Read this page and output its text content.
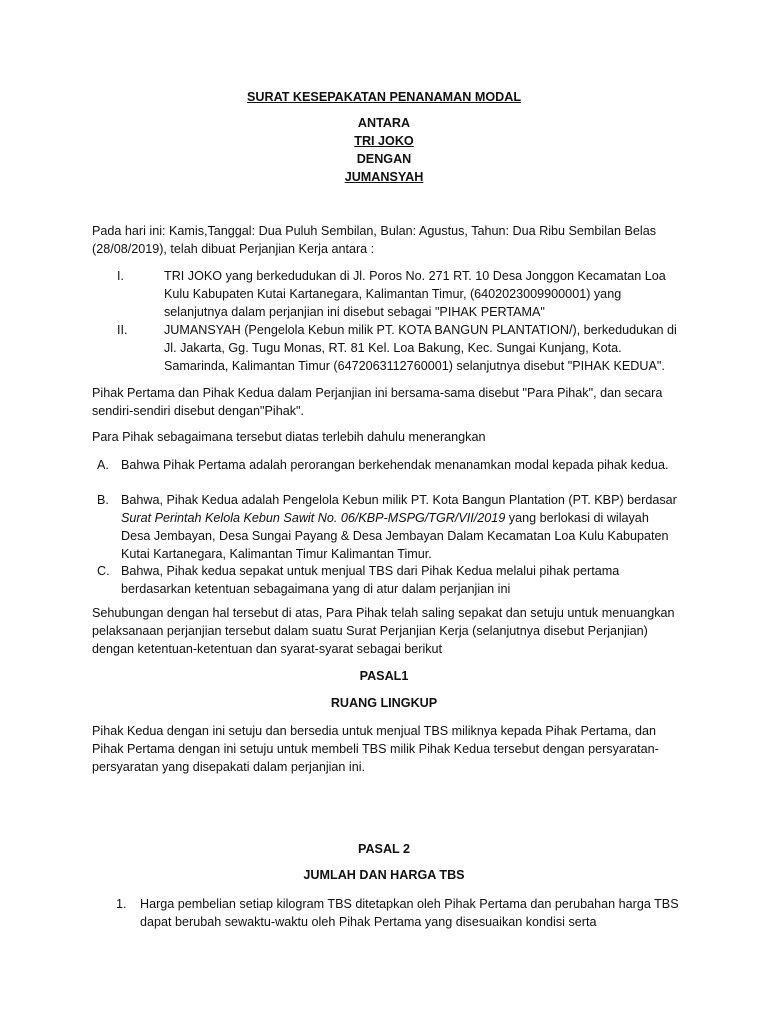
SURAT KESEPAKATAN PENANAMAN MODAL

ANTARA

TRI JOKO

DENGAN

JUMANSYAH

Pada hari ini: Kamis,Tanggal: Dua Puluh Sembilan, Bulan: Agustus, Tahun: Dua Ribu Sembilan Belas (28/08/2019), telah dibuat Perjanjian Kerja antara :

I.	TRI JOKO yang berkedudukan di Jl. Poros No. 271 RT. 10 Desa Jonggon Kecamatan Loa Kulu Kabupaten Kutai Kartanegara, Kalimantan Timur, (6402023009900001) yang selanjutnya dalam perjanjian ini disebut sebagai "PIHAK PERTAMA"

II.	JUMANSYAH (Pengelola Kebun milik PT. KOTA BANGUN PLANTATION/), berkedudukan di Jl. Jakarta, Gg. Tugu Monas, RT. 81 Kel. Loa Bakung, Kec. Sungai Kunjang, Kota. Samarinda, Kalimantan Timur (6472063112760001) selanjutnya disebut "PIHAK KEDUA".

Pihak Pertama dan Pihak Kedua dalam Perjanjian ini bersama-sama disebut "Para Pihak", dan secara sendiri-sendiri disebut dengan"Pihak".

Para Pihak sebagaimana tersebut diatas terlebih dahulu menerangkan

A. Bahwa Pihak Pertama adalah perorangan berkehendak menanamkan modal kepada pihak kedua.

B. Bahwa, Pihak Kedua adalah Pengelola Kebun milik PT. Kota Bangun Plantation (PT. KBP) berdasar Surat Perintah Kelola Kebun Sawit No. 06/KBP-MSPG/TGR/VII/2019 yang berlokasi di wilayah Desa Jembayan, Desa Sungai Payang & Desa Jembayan Dalam Kecamatan Loa Kulu Kabupaten Kutai Kartanegara, Kalimantan Timur Kalimantan Timur.

C. Bahwa, Pihak kedua sepakat untuk menjual TBS dari Pihak Kedua melalui pihak pertama berdasarkan ketentuan sebagaimana yang di atur dalam perjanjian ini

Sehubungan dengan hal tersebut di atas, Para Pihak telah saling sepakat dan setuju untuk menuangkan pelaksanaan perjanjian tersebut dalam suatu Surat Perjanjian Kerja (selanjutnya disebut Perjanjian) dengan ketentuan-ketentuan dan syarat-syarat sebagai berikut

PASAL1

RUANG LINGKUP

Pihak Kedua dengan ini setuju dan bersedia untuk menjual TBS miliknya kepada Pihak Pertama, dan Pihak Pertama dengan ini setuju untuk membeli TBS milik Pihak Kedua tersebut dengan persyaratan-persyaratan yang disepakati dalam perjanjian ini.

PASAL 2

JUMLAH DAN HARGA TBS

1. Harga pembelian setiap kilogram TBS ditetapkan oleh Pihak Pertama dan perubahan harga TBS dapat berubah sewaktu-waktu oleh Pihak Pertama yang disesuaikan kondisi serta
